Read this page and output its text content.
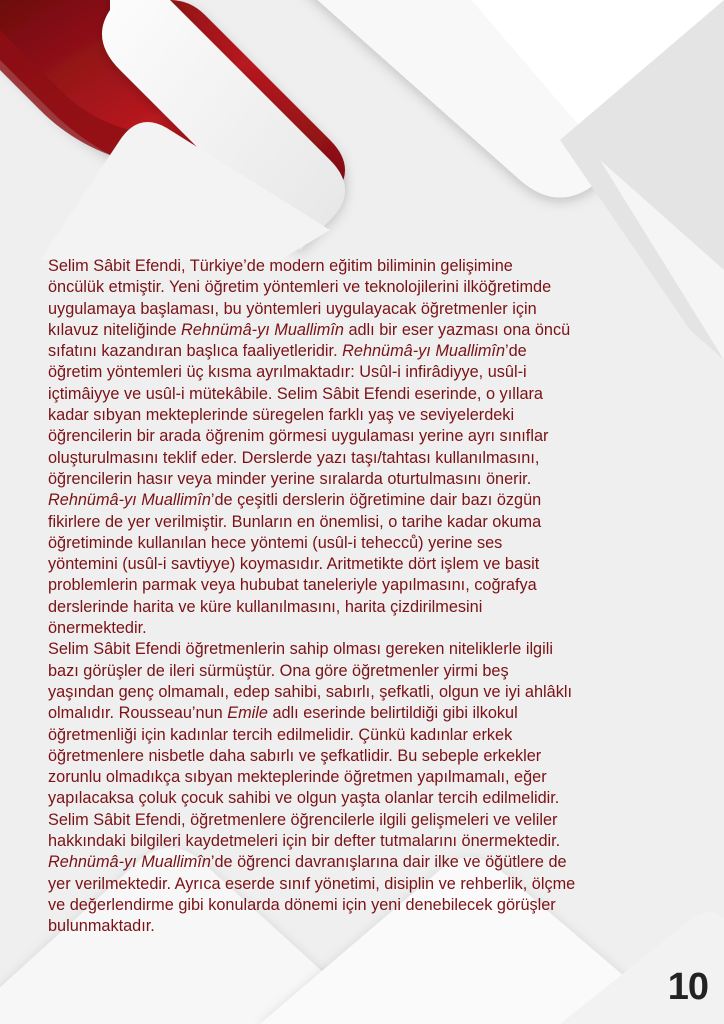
Selim Sâbit Efendi, Türkiye’de modern eğitim biliminin gelişimine
öncülük etmiştir. Yeni öğretim yöntemleri ve teknolojilerini ilköğretimde
uygulamaya başlaması, bu yöntemleri uygulayacak öğretmenler için
kılavuz niteliğinde Rehnümâ-yı Muallimîn adlı bir eser yazması ona öncü
sıfatını kazandıran başlıca faaliyetleridir. Rehnümâ-yı Muallimîn’de
öğretim yöntemleri üç kısma ayrılmaktadır: Usûl-i infirâdiyye, usûl-i
içtimâiyye ve usûl-i mütekâbile. Selim Sâbit Efendi eserinde, o yıllara
kadar sıbyan mekteplerinde süregelen farklı yaş ve seviyelerdeki
öğrencilerin bir arada öğrenim görmesi uygulaması yerine ayrı sınıflar
oluşturulmasını teklif eder. Derslerde yazı taşı/tahtası kullanılmasını,
öğrencilerin hasır veya minder yerine sıralarda oturtulmasını önerir.
Rehnümâ-yı Muallimîn’de çeşitli derslerin öğretimine dair bazı özgün
fikirlere de yer verilmiştir. Bunların en önemlisi, o tarihe kadar okuma
öğretiminde kullanılan hece yöntemi (usûl-i tehecců) yerine ses
yöntemini (usûl-i savtiyye) koymasıdır. Aritmetikte dört işlem ve basit
problemlerin parmak veya hububat taneleriyle yapılmasını, coğrafya
derslerinde harita ve küre kullanılmasını, harita çizdirilmesini
önermektedir.

Selim Sâbit Efendi öğretmenlerin sahip olması gereken niteliklerle ilgili
bazı görüşler de ileri sürmüştür. Ona göre öğretmenler yirmi beş
yaşından genç olmamalı, edep sahibi, sabırlı, şefkatli, olgun ve iyi ahlâklı
olmalıdır. Rousseau’nun Emile adlı eserinde belirtildiği gibi ilkokul
öğretmenliği için kadınlar tercih edilmelidir. Çünkü kadınlar erkek
öğretmenlere nisbetle daha sabırlı ve şefkatlidir. Bu sebeple erkekler
zorunlu olmadıkça sıbyan mekteplerinde öğretmen yapılmamalı, eğer
yapılacaksa çoluk çocuk sahibi ve olgun yaşta olanlar tercih edilmelidir.
Selim Sâbit Efendi, öğretmenlere öğrencilerle ilgili gelişmeleri ve veliler
hakkındaki bilgileri kaydetmeleri için bir defter tutmalarını önermektedir.
Rehnümâ-yı Muallimîn’de öğrenci davranışlarına dair ilke ve öğütlere de
yer verilmektedir. Ayrıca eserde sınıf yönetimi, disiplin ve rehberlik, ölçme
ve değerlendirme gibi konularda dönemi için yeni denebilecek görüşler
bulunmaktadır.

10
